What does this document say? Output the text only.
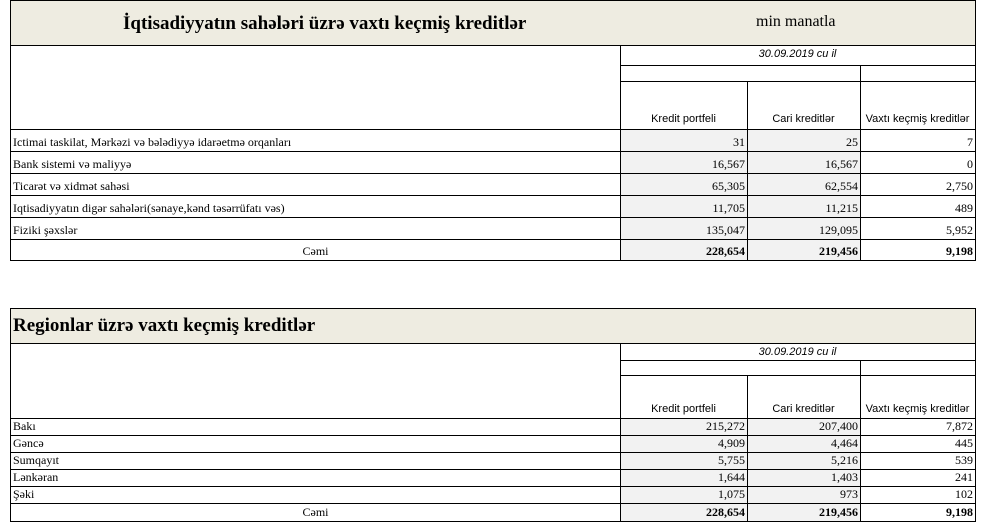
İqtisadiyyatın sahələri üzrə vaxtı keçmiş kreditlər	min manatla
30.09.2019 cu il
Kredit portfeli	Cari kreditlər	Vaxtı keçmiş kreditlər
Ictimai taskilat, Mərkəzi və bələdiyyə idarəetmə orqanları	31	25	7
Bank sistemi və maliyyə	16,567	16,567	0
Ticarət və xidmət sahəsi	65,305	62,554	2,750
Iqtisadiyyatın digər sahələri(sənaye,kənd təsərrüfatı vəs)	11,705	11,215	489
Fiziki şəxslər	135,047	129,095	5,952
Cəmi	228,654	219,456	9,198
Regionlar üzrə vaxtı keçmiş kreditlər
30.09.2019 cu il
Kredit portfeli	Cari kreditlər	Vaxtı keçmiş kreditlər
Bakı	215,272	207,400	7,872
Gəncə	4,909	4,464	445
Sumqayıt	5,755	5,216	539
Lənkəran	1,644	1,403	241
Şəki	1,075	973	102
Cəmi	228,654	219,456	9,198
